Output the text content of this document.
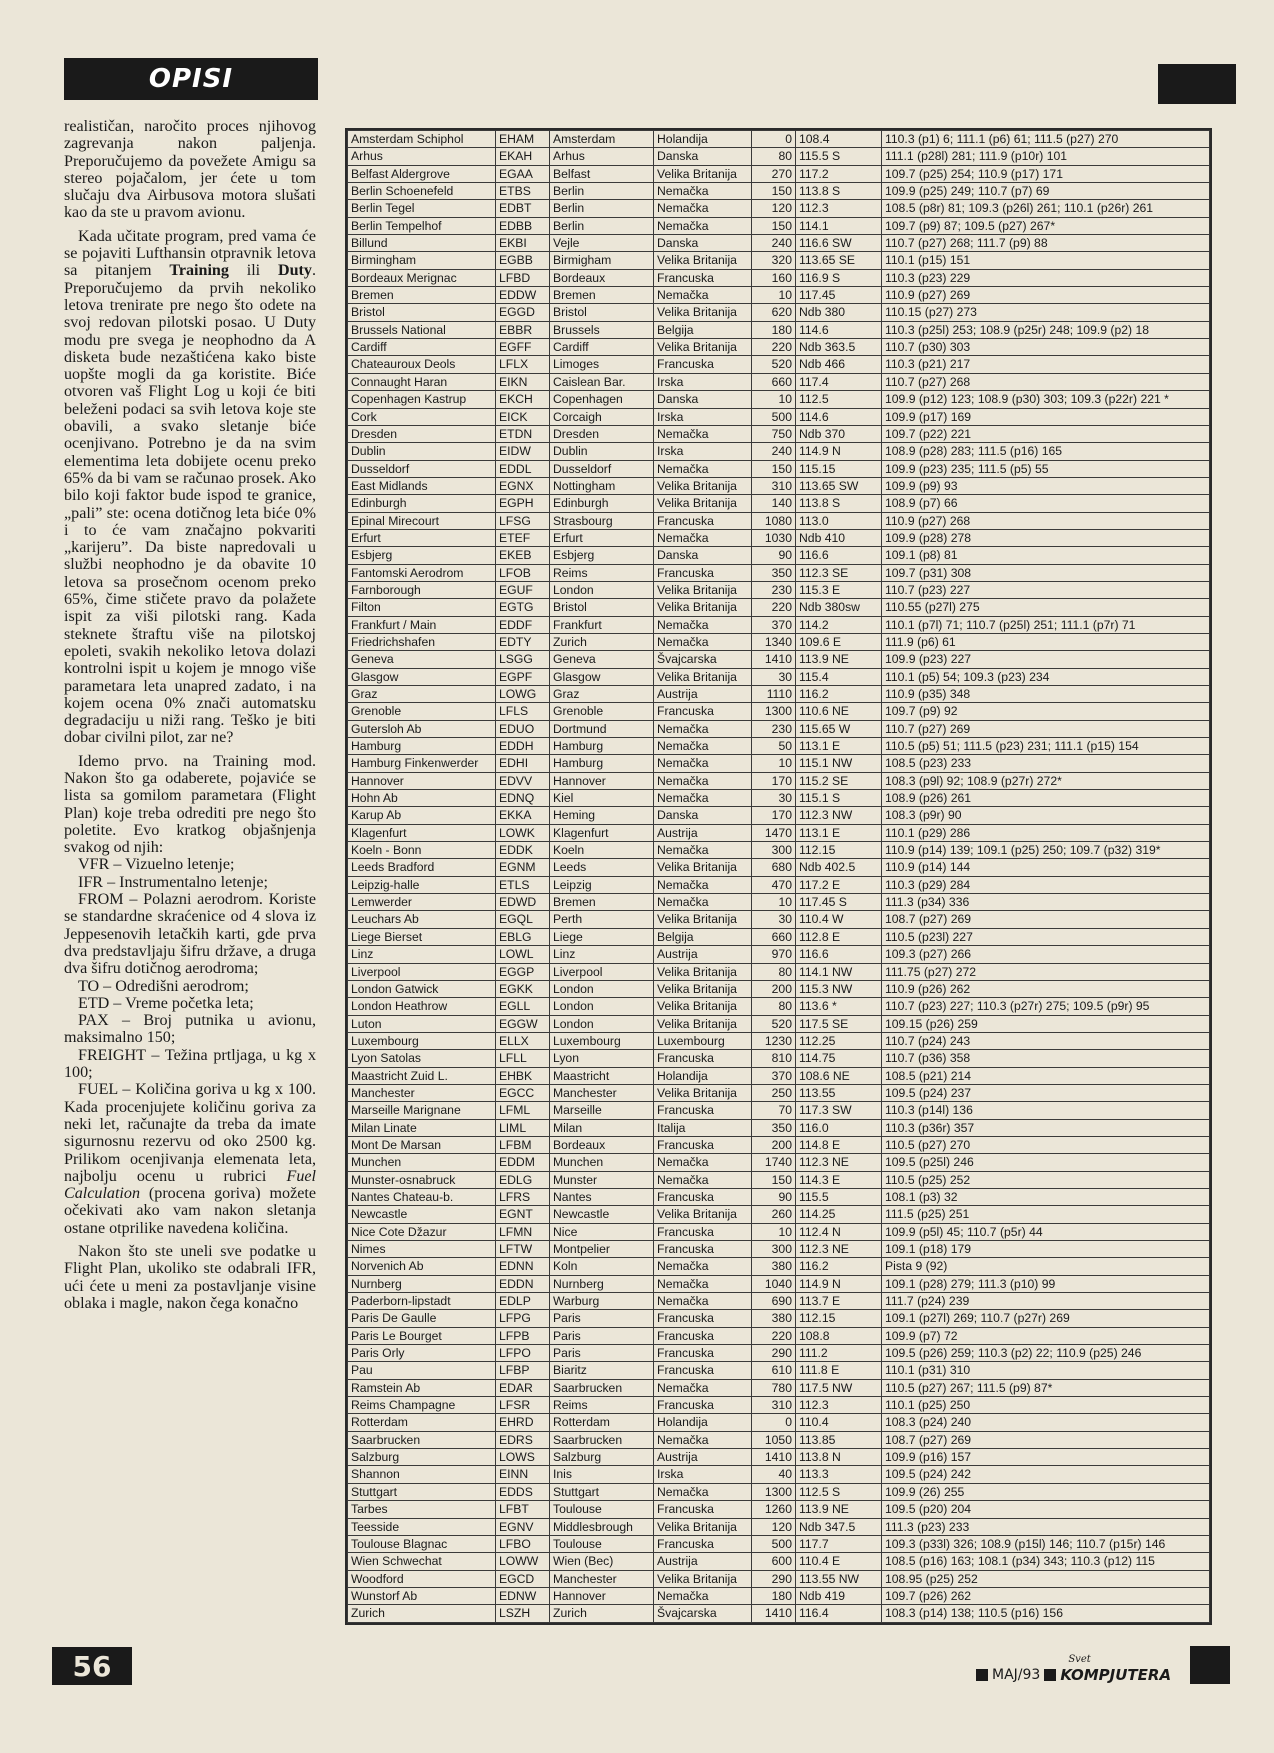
OPISI

realističan, naročito proces njihovog zagrevanja nakon paljenja. Preporučujemo da povežete Amigu sa stereo pojačalom, jer ćete u tom slučaju dva Airbusova motora slušati kao da ste u pravom avionu.

Kada učitate program, pred vama će se pojaviti Lufthansin otpravnik letova sa pitanjem Training ili Duty. Preporučujemo da prvih nekoliko letova trenirate pre nego što odete na svoj redovan pilotski posao. U Duty modu pre svega je neophodno da A disketa bude nezaštićena kako biste uopšte mogli da ga koristite. Biće otvoren vaš Flight Log u koji će biti beleženi podaci sa svih letova koje ste obavili, a svako sletanje biće ocenjivano. Potrebno je da na svim elementima leta dobijete ocenu preko 65% da bi vam se računao prosek. Ako bilo koji faktor bude ispod te granice, „pali” ste: ocena dotičnog leta biće 0% i to će vam značajno pokvariti „karijeru”. Da biste napredovali u službi neophodno je da obavite 10 letova sa prosečnom ocenom preko 65%, čime stičete pravo da polažete ispit za viši pilotski rang. Kada steknete štraftu više na pilotskoj epoleti, svakih nekoliko letova dolazi kontrolni ispit u kojem je mnogo više parametara leta unapred zadato, i na kojem ocena 0% znači automatsku degradaciju u niži rang. Teško je biti dobar civilni pilot, zar ne?

Idemo prvo. na Training mod. Nakon što ga odaberete, pojaviće se lista sa gomilom parametara (Flight Plan) koje treba odrediti pre nego što poletite. Evo kratkog objašnjenja svakog od njih:

VFR – Vizuelno letenje;

IFR – Instrumentalno letenje;

FROM – Polazni aerodrom. Koriste se standardne skraćenice od 4 slova iz Jeppesenovih letačkih karti, gde prva dva predstavljaju šifru države, a druga dva šifru dotičnog aerodroma;

TO – Odredišni aerodrom;

ETD – Vreme početka leta;

PAX – Broj putnika u avionu, maksimalno 150;

FREIGHT – Težina prtljaga, u kg x 100;

FUEL – Količina goriva u kg x 100. Kada procenjujete količinu goriva za neki let, računajte da treba da imate sigurnosnu rezervu od oko 2500 kg. Prilikom ocenjivanja elemenata leta, najbolju ocenu u rubrici Fuel Calculation (procena goriva) možete očekivati ako vam nakon sletanja ostane otprilike navedena količina.

Nakon što ste uneli sve podatke u Flight Plan, ukoliko ste odabrali IFR, ući ćete u meni za postavljanje visine oblaka i magle, nakon čega konačno

Amsterdam Schiphol	EHAM	Amsterdam	Holandija	0	108.4	110.3 (p1) 6; 111.1 (p6) 61; 111.5 (p27) 270
Arhus	EKAH	Arhus	Danska	80	115.5 S	111.1 (p28l) 281; 111.9 (p10r) 101
Belfast Aldergrove	EGAA	Belfast	Velika Britanija	270	117.2	109.7 (p25) 254; 110.9 (p17) 171
Berlin Schoenefeld	ETBS	Berlin	Nemačka	150	113.8 S	109.9 (p25) 249; 110.7 (p7) 69
Berlin Tegel	EDBT	Berlin	Nemačka	120	112.3	108.5 (p8r) 81; 109.3 (p26l) 261; 110.1 (p26r) 261
Berlin Tempelhof	EDBB	Berlin	Nemačka	150	114.1	109.7 (p9) 87; 109.5 (p27) 267*
Billund	EKBI	Vejle	Danska	240	116.6 SW	110.7 (p27) 268; 111.7 (p9) 88
Birmingham	EGBB	Birmigham	Velika Britanija	320	113.65 SE	110.1 (p15) 151
Bordeaux Merignac	LFBD	Bordeaux	Francuska	160	116.9 S	110.3 (p23) 229
Bremen	EDDW	Bremen	Nemačka	10	117.45	110.9 (p27) 269
Bristol	EGGD	Bristol	Velika Britanija	620	Ndb 380	110.15 (p27) 273
Brussels National	EBBR	Brussels	Belgija	180	114.6	110.3 (p25l) 253; 108.9 (p25r) 248; 109.9 (p2) 18
Cardiff	EGFF	Cardiff	Velika Britanija	220	Ndb 363.5	110.7 (p30) 303
Chateauroux Deols	LFLX	Limoges	Francuska	520	Ndb 466	110.3 (p21) 217
Connaught Haran	EIKN	Caislean Bar.	Irska	660	117.4	110.7 (p27) 268
Copenhagen Kastrup	EKCH	Copenhagen	Danska	10	112.5	109.9 (p12) 123; 108.9 (p30) 303; 109.3 (p22r) 221 *
Cork	EICK	Corcaigh	Irska	500	114.6	109.9 (p17) 169
Dresden	ETDN	Dresden	Nemačka	750	Ndb 370	109.7 (p22) 221
Dublin	EIDW	Dublin	Irska	240	114.9 N	108.9 (p28) 283; 111.5 (p16) 165
Dusseldorf	EDDL	Dusseldorf	Nemačka	150	115.15	109.9 (p23) 235; 111.5 (p5) 55
East Midlands	EGNX	Nottingham	Velika Britanija	310	113.65 SW	109.9 (p9) 93
Edinburgh	EGPH	Edinburgh	Velika Britanija	140	113.8 S	108.9 (p7) 66
Epinal Mirecourt	LFSG	Strasbourg	Francuska	1080	113.0	110.9 (p27) 268
Erfurt	ETEF	Erfurt	Nemačka	1030	Ndb 410	109.9 (p28) 278
Esbjerg	EKEB	Esbjerg	Danska	90	116.6	109.1 (p8) 81
Fantomski Aerodrom	LFOB	Reims	Francuska	350	112.3 SE	109.7 (p31) 308
Farnborough	EGUF	London	Velika Britanija	230	115.3 E	110.7 (p23) 227
Filton	EGTG	Bristol	Velika Britanija	220	Ndb 380sw	110.55 (p27l) 275
Frankfurt / Main	EDDF	Frankfurt	Nemačka	370	114.2	110.1 (p7l) 71; 110.7 (p25l) 251; 111.1 (p7r) 71
Friedrichshafen	EDTY	Zurich	Nemačka	1340	109.6 E	111.9 (p6) 61
Geneva	LSGG	Geneva	Švajcarska	1410	113.9 NE	109.9 (p23) 227
Glasgow	EGPF	Glasgow	Velika Britanija	30	115.4	110.1 (p5) 54; 109.3 (p23) 234
Graz	LOWG	Graz	Austrija	1110	116.2	110.9 (p35) 348
Grenoble	LFLS	Grenoble	Francuska	1300	110.6 NE	109.7 (p9) 92
Gutersloh Ab	EDUO	Dortmund	Nemačka	230	115.65 W	110.7 (p27) 269
Hamburg	EDDH	Hamburg	Nemačka	50	113.1 E	110.5 (p5) 51; 111.5 (p23) 231; 111.1 (p15) 154
Hamburg Finkenwerder	EDHI	Hamburg	Nemačka	10	115.1 NW	108.5 (p23) 233
Hannover	EDVV	Hannover	Nemačka	170	115.2 SE	108.3 (p9l) 92; 108.9 (p27r) 272*
Hohn Ab	EDNQ	Kiel	Nemačka	30	115.1 S	108.9 (p26) 261
Karup Ab	EKKA	Heming	Danska	170	112.3 NW	108.3 (p9r) 90
Klagenfurt	LOWK	Klagenfurt	Austrija	1470	113.1 E	110.1 (p29) 286
Koeln - Bonn	EDDK	Koeln	Nemačka	300	112.15	110.9 (p14) 139; 109.1 (p25) 250; 109.7 (p32) 319*
Leeds Bradford	EGNM	Leeds	Velika Britanija	680	Ndb 402.5	110.9 (p14) 144
Leipzig-halle	ETLS	Leipzig	Nemačka	470	117.2 E	110.3 (p29) 284
Lemwerder	EDWD	Bremen	Nemačka	10	117.45 S	111.3 (p34) 336
Leuchars Ab	EGQL	Perth	Velika Britanija	30	110.4 W	108.7 (p27) 269
Liege Bierset	EBLG	Liege	Belgija	660	112.8 E	110.5 (p23l) 227
Linz	LOWL	Linz	Austrija	970	116.6	109.3 (p27) 266
Liverpool	EGGP	Liverpool	Velika Britanija	80	114.1 NW	111.75 (p27) 272
London Gatwick	EGKK	London	Velika Britanija	200	115.3 NW	110.9 (p26) 262
London Heathrow	EGLL	London	Velika Britanija	80	113.6 *	110.7 (p23) 227; 110.3 (p27r) 275; 109.5 (p9r) 95
Luton	EGGW	London	Velika Britanija	520	117.5 SE	109.15 (p26) 259
Luxembourg	ELLX	Luxembourg	Luxembourg	1230	112.25	110.7 (p24) 243
Lyon Satolas	LFLL	Lyon	Francuska	810	114.75	110.7 (p36) 358
Maastricht Zuid L.	EHBK	Maastricht	Holandija	370	108.6 NE	108.5 (p21) 214
Manchester	EGCC	Manchester	Velika Britanija	250	113.55	109.5 (p24) 237
Marseille Marignane	LFML	Marseille	Francuska	70	117.3 SW	110.3 (p14l) 136
Milan Linate	LIML	Milan	Italija	350	116.0	110.3 (p36r) 357
Mont De Marsan	LFBM	Bordeaux	Francuska	200	114.8 E	110.5 (p27) 270
Munchen	EDDM	Munchen	Nemačka	1740	112.3 NE	109.5 (p25l) 246
Munster-osnabruck	EDLG	Munster	Nemačka	150	114.3 E	110.5 (p25) 252
Nantes Chateau-b.	LFRS	Nantes	Francuska	90	115.5	108.1 (p3) 32
Newcastle	EGNT	Newcastle	Velika Britanija	260	114.25	111.5 (p25) 251
Nice Cote Džazur	LFMN	Nice	Francuska	10	112.4 N	109.9 (p5l) 45; 110.7 (p5r) 44
Nimes	LFTW	Montpelier	Francuska	300	112.3 NE	109.1 (p18) 179
Norvenich Ab	EDNN	Koln	Nemačka	380	116.2	Pista 9 (92)
Nurnberg	EDDN	Nurnberg	Nemačka	1040	114.9 N	109.1 (p28) 279; 111.3 (p10) 99
Paderborn-lipstadt	EDLP	Warburg	Nemačka	690	113.7 E	111.7 (p24) 239
Paris De Gaulle	LFPG	Paris	Francuska	380	112.15	109.1 (p27l) 269; 110.7 (p27r) 269
Paris Le Bourget	LFPB	Paris	Francuska	220	108.8	109.9 (p7) 72
Paris Orly	LFPO	Paris	Francuska	290	111.2	109.5 (p26) 259; 110.3 (p2) 22; 110.9 (p25) 246
Pau	LFBP	Biaritz	Francuska	610	111.8 E	110.1 (p31) 310
Ramstein Ab	EDAR	Saarbrucken	Nemačka	780	117.5 NW	110.5 (p27) 267; 111.5 (p9) 87*
Reims Champagne	LFSR	Reims	Francuska	310	112.3	110.1 (p25) 250
Rotterdam	EHRD	Rotterdam	Holandija	0	110.4	108.3 (p24) 240
Saarbrucken	EDRS	Saarbrucken	Nemačka	1050	113.85	108.7 (p27) 269
Salzburg	LOWS	Salzburg	Austrija	1410	113.8 N	109.9 (p16) 157
Shannon	EINN	Inis	Irska	40	113.3	109.5 (p24) 242
Stuttgart	EDDS	Stuttgart	Nemačka	1300	112.5 S	109.9 (26) 255
Tarbes	LFBT	Toulouse	Francuska	1260	113.9 NE	109.5 (p20) 204
Teesside	EGNV	Middlesbrough	Velika Britanija	120	Ndb 347.5	111.3 (p23) 233
Toulouse Blagnac	LFBO	Toulouse	Francuska	500	117.7	109.3 (p33l) 326; 108.9 (p15l) 146; 110.7 (p15r) 146
Wien Schwechat	LOWW	Wien (Bec)	Austrija	600	110.4 E	108.5 (p16) 163; 108.1 (p34) 343; 110.3 (p12) 115
Woodford	EGCD	Manchester	Velika Britanija	290	113.55 NW	108.95 (p25) 252
Wunstorf Ab	EDNW	Hannover	Nemačka	180	Ndb 419	109.7 (p26) 262
Zurich	LSZH	Zurich	Švajcarska	1410	116.4	108.3 (p14) 138; 110.5 (p16) 156
56	MAJ/93
Svet
KOMPJUTERA
